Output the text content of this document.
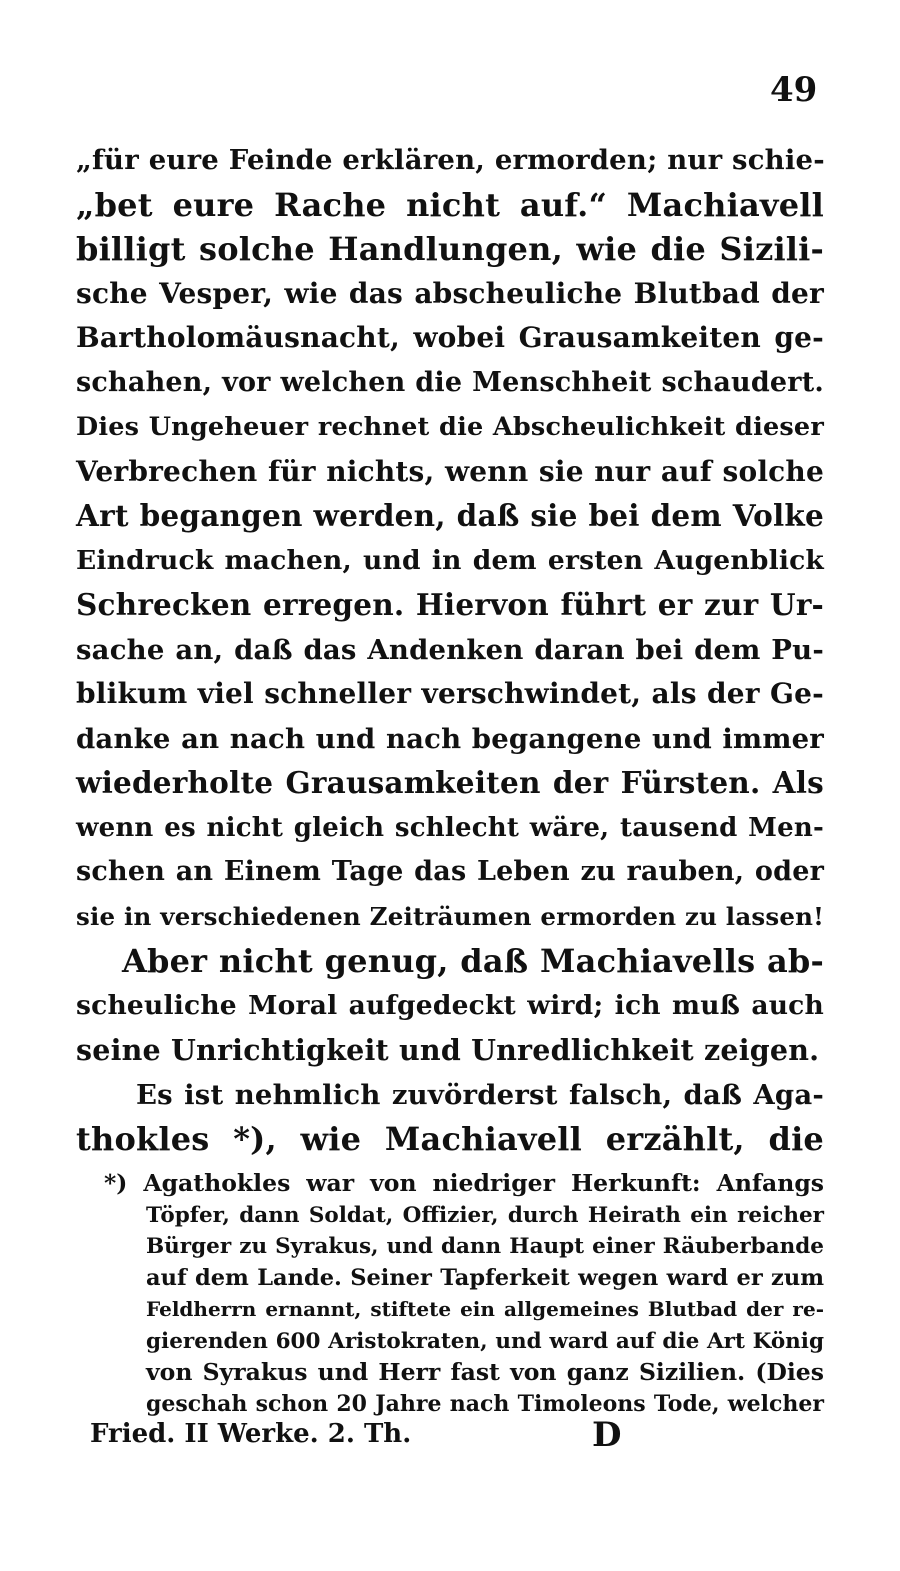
49
„für eure Feinde erklären, ermorden; nur schie-
„bet eure Rache nicht auf.“ Machiavell
billigt solche Handlungen, wie die Sizili-
sche Vesper, wie das abscheuliche Blutbad der
Bartholomäusnacht, wobei Grausamkeiten ge-
schahen, vor welchen die Menschheit schaudert.
Dies Ungeheuer rechnet die Abscheulichkeit dieser
Verbrechen für nichts, wenn sie nur auf solche
Art begangen werden, daß sie bei dem Volke
Eindruck machen, und in dem ersten Augenblick
Schrecken erregen. Hiervon führt er zur Ur-
sache an, daß das Andenken daran bei dem Pu-
blikum viel schneller verschwindet, als der Ge-
danke an nach und nach begangene und immer
wiederholte Grausamkeiten der Fürsten. Als
wenn es nicht gleich schlecht wäre, tausend Men-
schen an Einem Tage das Leben zu rauben, oder
sie in verschiedenen Zeiträumen ermorden zu lassen!
Aber nicht genug, daß Machiavells ab-
scheuliche Moral aufgedeckt wird; ich muß auch
seine Unrichtigkeit und Unredlichkeit zeigen.
Es ist nehmlich zuvörderst falsch, daß Aga-
thokles *), wie Machiavell erzählt, die
*) Agathokles war von niedriger Herkunft: Anfangs
Töpfer, dann Soldat, Offizier, durch Heirath ein reicher
Bürger zu Syrakus, und dann Haupt einer Räuberbande
auf dem Lande. Seiner Tapferkeit wegen ward er zum
Feldherrn ernannt, stiftete ein allgemeines Blutbad der re-
gierenden 600 Aristokraten, und ward auf die Art König
von Syrakus und Herr fast von ganz Sizilien. (Dies
geschah schon 20 Jahre nach Timoleons Tode, welcher
Fried. II Werke. 2. Th.	D
